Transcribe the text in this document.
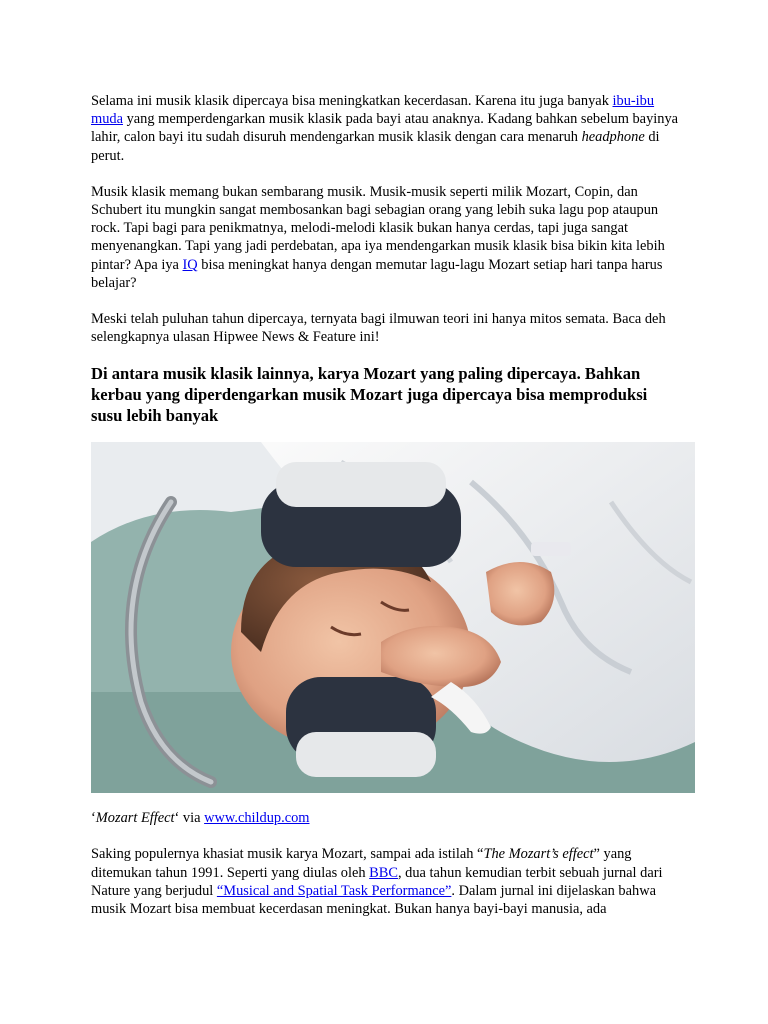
Selama ini musik klasik dipercaya bisa meningkatkan kecerdasan. Karena itu juga banyak ibu-ibu muda yang memperdengarkan musik klasik pada bayi atau anaknya. Kadang bahkan sebelum bayinya lahir, calon bayi itu sudah disuruh mendengarkan musik klasik dengan cara menaruh headphone di perut.

Musik klasik memang bukan sembarang musik. Musik-musik seperti milik Mozart, Copin, dan Schubert itu mungkin sangat membosankan bagi sebagian orang yang lebih suka lagu pop ataupun rock. Tapi bagi para penikmatnya, melodi-melodi klasik bukan hanya cerdas, tapi juga sangat menyenangkan. Tapi yang jadi perdebatan, apa iya mendengarkan musik klasik bisa bikin kita lebih pintar? Apa iya IQ bisa meningkat hanya dengan memutar lagu-lagu Mozart setiap hari tanpa harus belajar?

Meski telah puluhan tahun dipercaya, ternyata bagi ilmuwan teori ini hanya mitos semata. Baca deh selengkapnya ulasan Hipwee News & Feature ini!

Di antara musik klasik lainnya, karya Mozart yang paling dipercaya. Bahkan kerbau yang diperdengarkan musik Mozart juga dipercaya bisa memproduksi susu lebih banyak

‘Mozart Effect‘ via www.childup.com

Saking populernya khasiat musik karya Mozart, sampai ada istilah “The Mozart’s effect” yang ditemukan tahun 1991. Seperti yang diulas oleh BBC, dua tahun kemudian terbit sebuah jurnal dari Nature yang berjudul “Musical and Spatial Task Performance”. Dalam jurnal ini dijelaskan bahwa musik Mozart bisa membuat kecerdasan meningkat. Bukan hanya bayi-bayi manusia, ada
